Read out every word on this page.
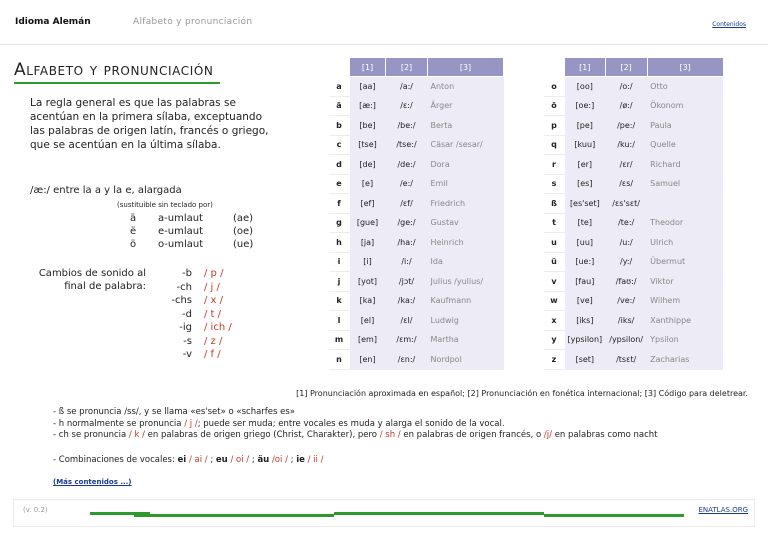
Idioma Alemán	Alfabeto y pronunciación	Contenidos
Alfabeto y pronunciación
La regla general es que las palabras se acentúan en la primera sílaba, exceptuando las palabras de origen latín, francés o griego, que se acentúan en la última sílaba.
/æ:/ entre la a y la e, alargada
(sustituible sin teclado por)
ä	a-umlaut	(ae)
ë	e-umlaut	(oe)
ö	o-umlaut	(ue)
Cambios de sonido al final de palabra:
-b	/ p /
-ch	/ j /
-chs	/ x /
-d	/ t /
-ig	/ ich /
-s	/ z /
-v	/ f /
	[1]	[2]	[3]
a	[aa]	/a:/	Anton
ä	[æ:]	/ɛ:/	Ärger
b	[be]	/be:/	Berta
c	[tse]	/tse:/	Cäsar /sesar/
d	[de]	/de:/	Dora
e	[e]	/e:/	Emil
f	[ef]	/ɛf/	Friedrich
g	[gue]	/ge:/	Gustav
h	[ja]	/ha:/	Heinrich
i	[i]	/i:/	Ida
j	[yot]	/jɔt/	Julius /yulius/
k	[ka]	/ka:/	Kaufmann
l	[el]	/ɛl/	Ludwig
m	[em]	/ɛm:/	Martha
n	[en]	/ɛn:/	Nordpol
	[1]	[2]	[3]
o	[oo]	/o:/	Otto
ö	[oe:]	/ø:/	Ökonom
p	[pe]	/pe:/	Paula
q	[kuu]	/ku:/	Quelle
r	[er]	/ɛr/	Richard
s	[es]	/ɛs/	Samuel
ß	[es'set]	/ɛs'sɛt/	
t	[te]	/te:/	Theodor
u	[uu]	/u:/	Ulrich
ü	[ue:]	/y:/	Übermut
v	[fau]	/faʊ:/	Viktor
w	[ve]	/ve:/	Wilhem
x	[iks]	/iks/	Xanthippe
y	[ypsilon]	/ypsilon/	Ypsilon
z	[set]	/tsɛt/	Zacharias
[1] Pronunciación aproximada en español; [2] Pronunciación en fonética internacional; [3] Código para deletrear.
- ß se pronuncia /ss/, y se llama «es'set» o «scharfes es»
- h normalmente se pronuncia / j /; puede ser muda; entre vocales es muda y alarga el sonido de la vocal.
- ch se pronuncia / k / en palabras de origen griego (Christ, Charakter), pero / sh / en palabras de origen francés, o /j/ en palabras como nacht
- Combinaciones de vocales: ei / ai / ; eu / oi / ; äu /oi / ; ie / ii /
(Más contenidos ...)
(v. 0.2)	ENATLAS.ORG
